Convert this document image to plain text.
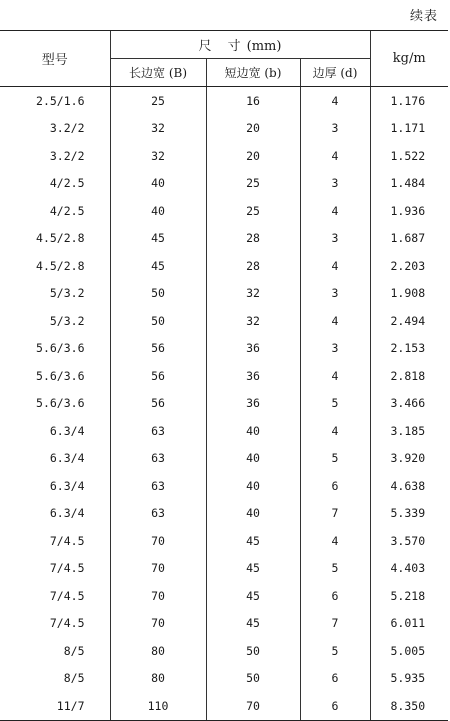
续表
型号	尺 寸(mm)			kg/m
	长边宽 (B)	短边宽 (b)	边厚 (d)	
2.5/1.6	25	16	4	1.176
3.2/2	32	20	3	1.171
3.2/2	32	20	4	1.522
4/2.5	40	25	3	1.484
4/2.5	40	25	4	1.936
4.5/2.8	45	28	3	1.687
4.5/2.8	45	28	4	2.203
5/3.2	50	32	3	1.908
5/3.2	50	32	4	2.494
5.6/3.6	56	36	3	2.153
5.6/3.6	56	36	4	2.818
5.6/3.6	56	36	5	3.466
6.3/4	63	40	4	3.185
6.3/4	63	40	5	3.920
6.3/4	63	40	6	4.638
6.3/4	63	40	7	5.339
7/4.5	70	45	4	3.570
7/4.5	70	45	5	4.403
7/4.5	70	45	6	5.218
7/4.5	70	45	7	6.011
8/5	80	50	5	5.005
8/5	80	50	6	5.935
11/7	110	70	6	8.350
